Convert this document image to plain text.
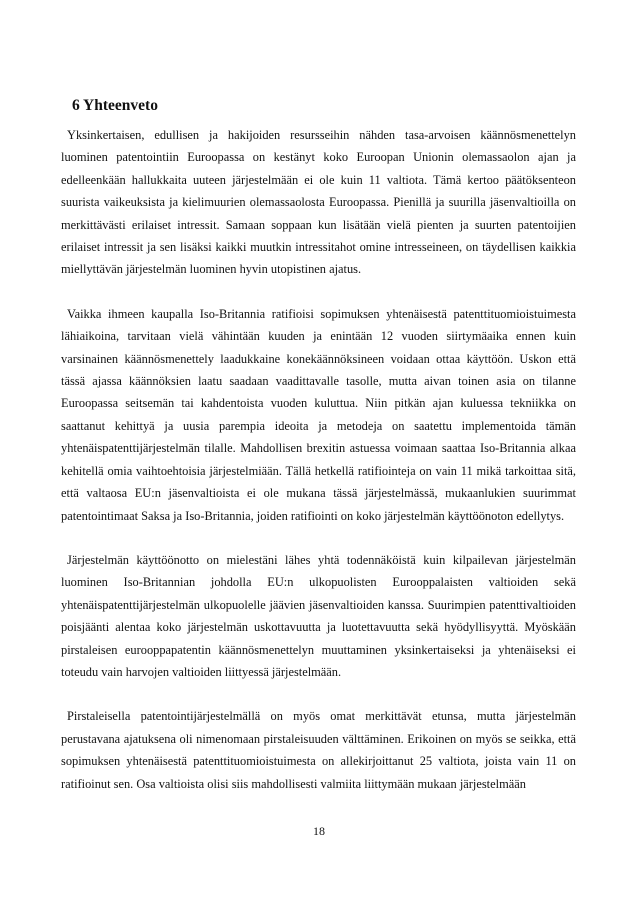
6 Yhteenveto

Yksinkertaisen, edullisen ja hakijoiden resursseihin nähden tasa-arvoisen käännösmenettelyn luominen patentointiin Euroopassa on kestänyt koko Euroopan Unionin olemassaolon ajan ja edelleenkään hallukkaita uuteen järjestelmään ei ole kuin 11 valtiota. Tämä kertoo päätöksenteon suurista vaikeuksista ja kielimuurien olemassaolosta Euroopassa. Pienillä ja suurilla jäsenvaltioilla on merkittävästi erilaiset intressit. Samaan soppaan kun lisätään vielä pienten ja suurten patentoijien erilaiset intressit ja sen lisäksi kaikki muutkin intressitahot omine intresseineen, on täydellisen kaikkia miellyttävän järjestelmän luominen hyvin utopistinen ajatus.

Vaikka ihmeen kaupalla Iso-Britannia ratifioisi sopimuksen yhtenäisestä patenttituomioistuimesta lähiaikoina, tarvitaan vielä vähintään kuuden ja enintään 12 vuoden siirtymäaika ennen kuin varsinainen käännösmenettely laadukkaine konekäännöksineen voidaan ottaa käyttöön. Uskon että tässä ajassa käännöksien laatu saadaan vaadittavalle tasolle, mutta aivan toinen asia on tilanne Euroopassa seitsemän tai kahdentoista vuoden kuluttua. Niin pitkän ajan kuluessa tekniikka on saattanut kehittyä ja uusia parempia ideoita ja metodeja on saatettu implementoida tämän yhtenäispatenttijärjestelmän tilalle. Mahdollisen brexitin astuessa voimaan saattaa Iso-Britannia alkaa kehitellä omia vaihtoehtoisia järjestelmiään. Tällä hetkellä ratifiointeja on vain 11 mikä tarkoittaa sitä, että valtaosa EU:n jäsenvaltioista ei ole mukana tässä järjestelmässä, mukaanlukien suurimmat patentointimaat Saksa ja Iso-Britannia, joiden ratifiointi on koko järjestelmän käyttöönoton edellytys.

Järjestelmän käyttöönotto on mielestäni lähes yhtä todennäköistä kuin kilpailevan järjestelmän luominen Iso-Britannian johdolla EU:n ulkopuolisten Eurooppalaisten valtioiden sekä yhtenäispatenttijärjestelmän ulkopuolelle jäävien jäsenvaltioiden kanssa. Suurimpien patenttivaltioiden poisjäänti alentaa koko järjestelmän uskottavuutta ja luotettavuutta sekä hyödyllisyyttä. Myöskään pirstaleisen eurooppapatentin käännösmenettelyn muuttaminen yksinkertaiseksi ja yhtenäiseksi ei toteudu vain harvojen valtioiden liittyessä järjestelmään.

Pirstaleisella patentointijärjestelmällä on myös omat merkittävät etunsa, mutta järjestelmän perustavana ajatuksena oli nimenomaan pirstaleisuuden välttäminen. Erikoinen on myös se seikka, että sopimuksen yhtenäisestä patenttituomioistuimesta on allekirjoittanut 25 valtiota, joista vain 11 on ratifioinut sen. Osa valtioista olisi siis mahdollisesti valmiita liittymään mukaan järjestelmään

18
